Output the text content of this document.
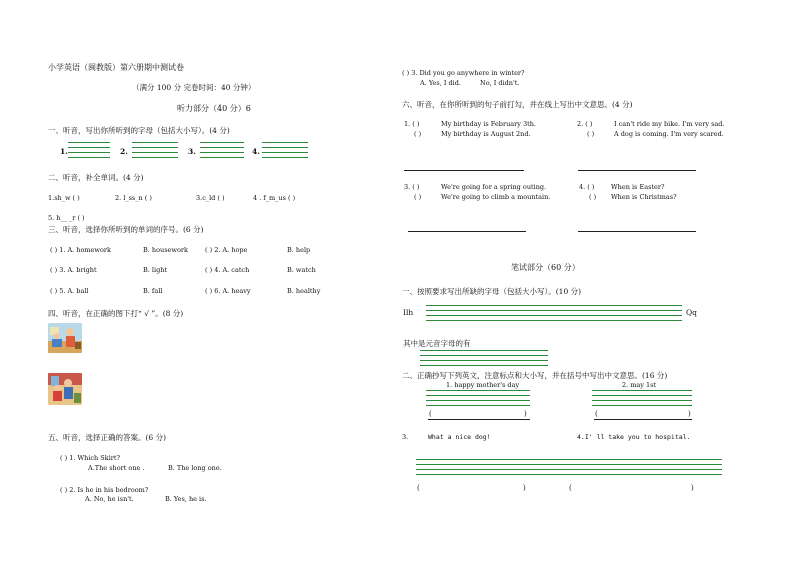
小学英语（闽教版）第六册期中测试卷
（满分 100 分 完卷时间：40 分钟）
听力部分（40 分）6
一、听音，写出你所听到的字母（包括大小写）。(4 分)
1.	2.	3.	4.
二、听音，补全单词。(4 分)
1.sh_w ( )	2. l_ss_n ( )	3.c_ld ( )	4 . f_m_us ( )
5. h__ _r ( )
三、听音，选择你所听到的单词的序号。(6 分)
( ) 1. A. homework	B. housework	( ) 2. A. hope	B. help
( ) 3. A. bright	B. light	( ) 4. A. catch	B. watch
( ) 5. A. ball	B. fall	( ) 6. A. heavy	B. healthy
四、听音，在正确的图下打“ √ ”。(8 分)
五、听音，选择正确的答案。(6 分)
( ) 1. Which Skirt?
A.The short one .	B. The long one.
( ) 2. Is he in his bedroom?
A. No, he isn't.	B. Yes, he is.
( ) 3. Did you go anywhere in winter?
A. Yes, I did.	No, I didn't.
六、听音，在你所听到的句子前打勾，并在线上写出中文意思。(4 分)
1. ( )	My birthday is February 3th.
( )	My birthday is August 2nd.
2. ( )	I can't ride my bike. I'm very sad.
( )	A dog is coming. I'm very scared.
3. ( )	We're going for a spring outing.
( )	We're going to climb a mountain.
4. ( )	When is Easter?
( ) When is Christmas?
笔试部分（60 分）
一、按照要求写出所缺的字母（包括大小写）。(10 分)
Ilh	Qq
其中是元音字母的有
二、正确抄写下列英文，注意标点和大小写，并在括号中写出中文意思。(16 分)
1. happy mother's day	2. may 1st
(	)	(	)
3.	What a nice dog!	4.I' ll take you to hospital.
(	)	(	)
